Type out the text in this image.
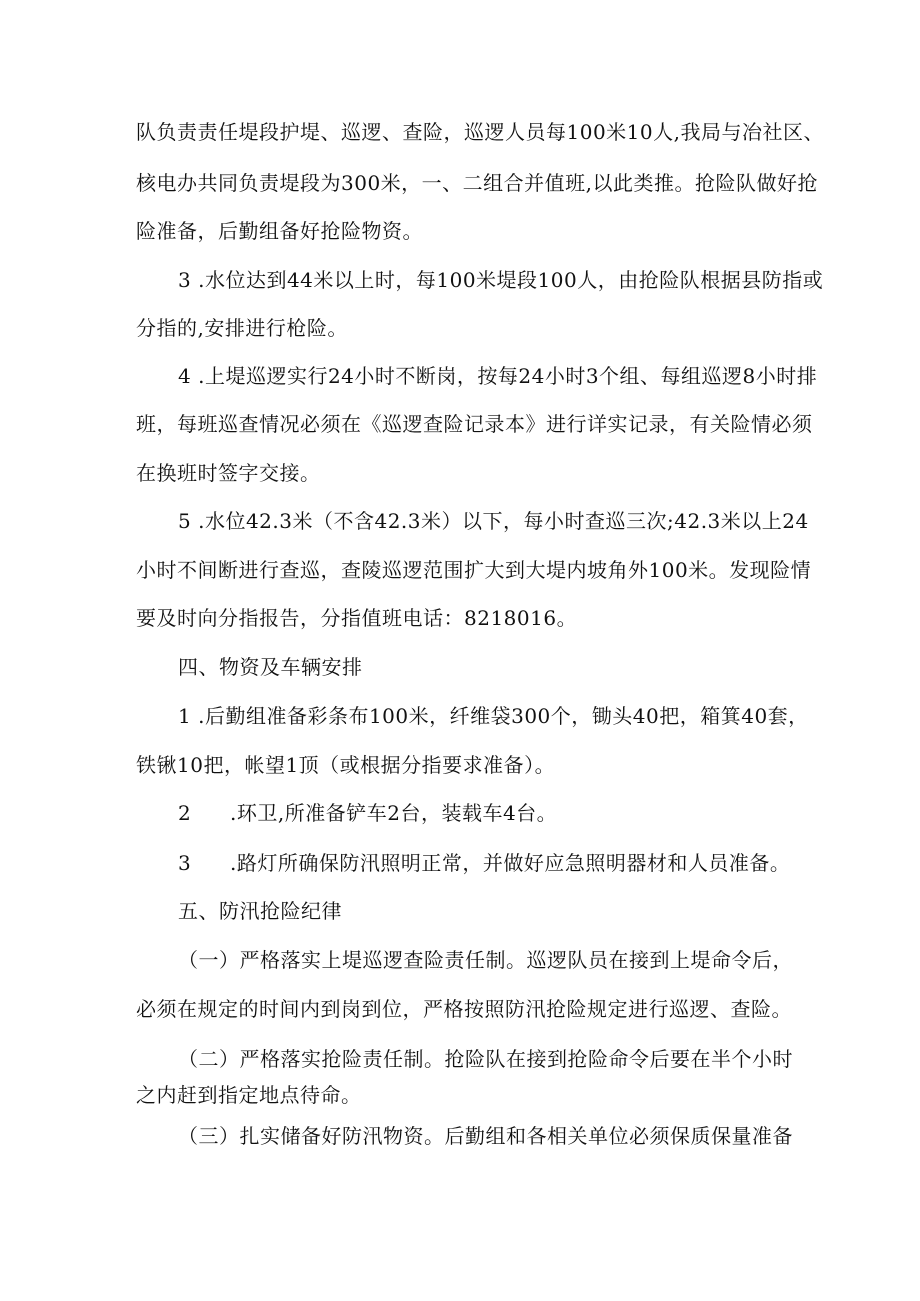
队负责责任堤段护堤、巡逻、查险，巡逻人员每100米10人,我局与冶社区、
核电办共同负责堤段为300米，一、二组合并值班,以此类推。抢险队做好抢
险准备，后勤组备好抢险物资。
3 .水位达到44米以上时，每100米堤段100人，由抢险队根据县防指或
分指的,安排进行枪险。
4 .上堤巡逻实行24小时不断岗，按每24小时3个组、每组巡逻8小时排
班，每班巡查情况必须在《巡逻查险记录本》进行详实记录，有关险情必须
在换班时签字交接。
5 .水位42.3米（不含42.3米）以下，每小时查巡三次;42.3米以上24
小时不间断进行查巡，查陵巡逻范围扩大到大堤内坡角外100米。发现险情
要及时向分指报告，分指值班电话：8218016。
四、物资及车辆安排
1 .后勤组准备彩条布100米，纤维袋300个，锄头40把，箱箕40套，
铁锹10把，帐望1顶（或根据分指要求准备）。
2	.环卫,所准备铲车2台，装载车4台。
3	.路灯所确保防汛照明正常，并做好应急照明器材和人员准备。
五、防汛抢险纪律
（一）严格落实上堤巡逻查险责任制。巡逻队员在接到上堤命令后，
必须在规定的时间内到岗到位，严格按照防汛抢险规定进行巡逻、查险。
（二）严格落实抢险责任制。抢险队在接到抢险命令后要在半个小时
之内赶到指定地点待命。
（三）扎实储备好防汛物资。后勤组和各相关单位必须保质保量准备
